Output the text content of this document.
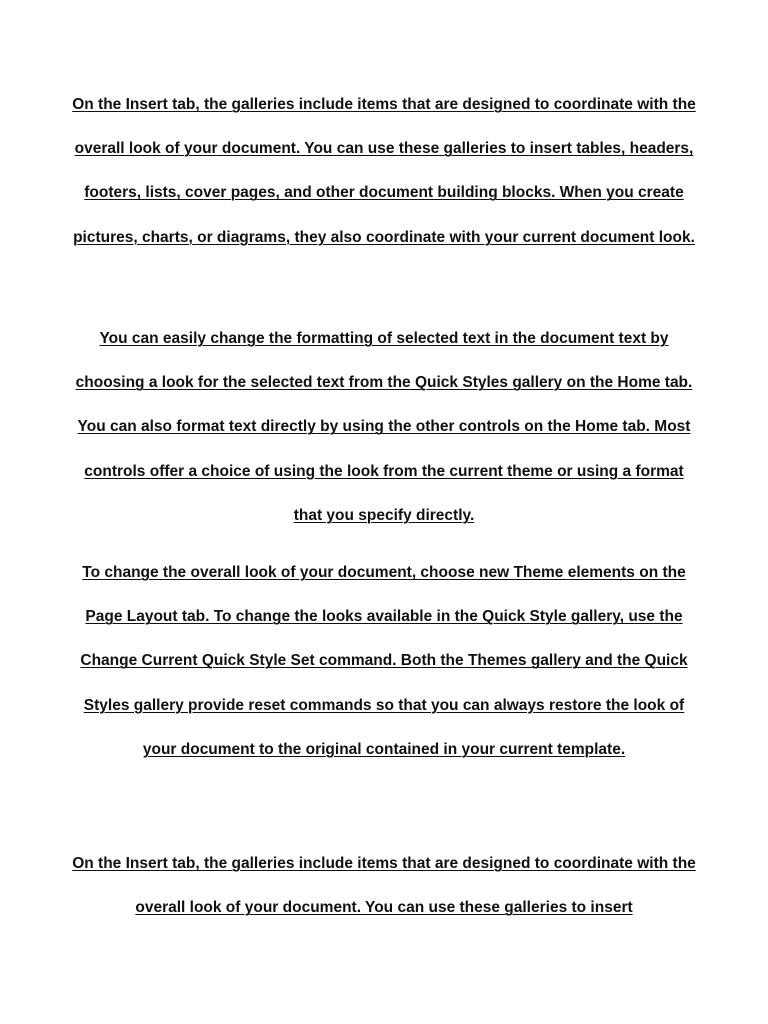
On the Insert tab, the galleries include items that are designed to coordinate with the overall look of your document. You can use these galleries to insert tables, headers, footers, lists, cover pages, and other document building blocks. When you create pictures, charts, or diagrams, they also coordinate with your current document look.

You can easily change the formatting of selected text in the document text by choosing a look for the selected text from the Quick Styles gallery on the Home tab. You can also format text directly by using the other controls on the Home tab. Most controls offer a choice of using the look from the current theme or using a format that you specify directly.

To change the overall look of your document, choose new Theme elements on the Page Layout tab. To change the looks available in the Quick Style gallery, use the Change Current Quick Style Set command. Both the Themes gallery and the Quick Styles gallery provide reset commands so that you can always restore the look of your document to the original contained in your current template.

On the Insert tab, the galleries include items that are designed to coordinate with the overall look of your document. You can use these galleries to insert
